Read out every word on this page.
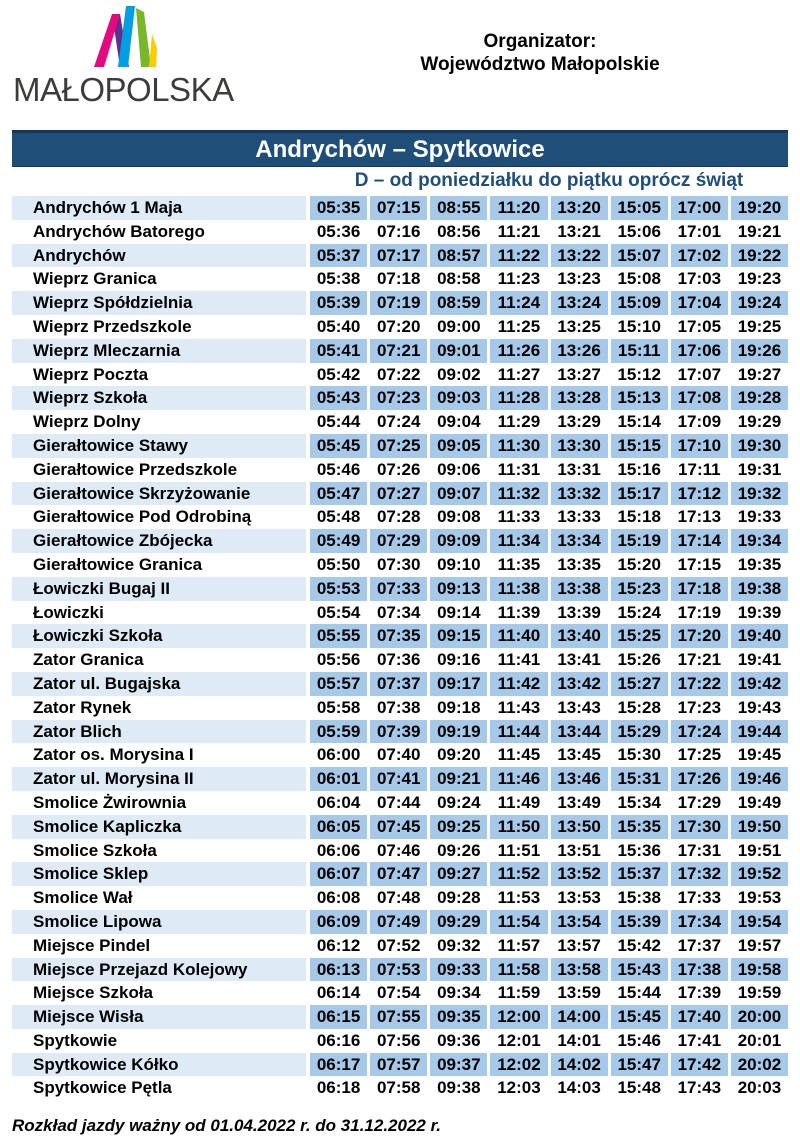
MAŁOPOLSKA
Organizator:
Województwo Małopolskie
Andrychów – Spytkowice
D – od poniedziałku do piątku oprócz świąt
Andrychów 1 Maja	05:35 07:15 08:55	11:20	13:20 15:05 17:00 19:20
Andrychów Batorego	05:36 07:16 08:56	11:21	13:21 15:06 17:01 19:21
Andrychów	05:37 07:17 08:57	11:22	13:22 15:07 17:02 19:22
Wieprz Granica	05:38 07:18 08:58	11:23	13:23 15:08 17:03 19:23
Wieprz Spółdzielnia	05:39 07:19 08:59	11:24	13:24 15:09 17:04 19:24
Wieprz Przedszkole	05:40 07:20 09:00	11:25	13:25 15:10 17:05 19:25
Wieprz Mleczarnia	05:41 07:21 09:01	11:26	13:26	15:11	17:06 19:26
Wieprz Poczta	05:42 07:22 09:02	11:27	13:27 15:12 17:07 19:27
Wieprz Szkoła	05:43 07:23 09:03	11:28	13:28 15:13 17:08 19:28
Wieprz Dolny	05:44 07:24 09:04	11:29	13:29 15:14 17:09 19:29
Gierałtowice Stawy	05:45 07:25 09:05	11:30	13:30 15:15 17:10 19:30
Gierałtowice Przedszkole	05:46 07:26 09:06	11:31	13:31 15:16	17:11	19:31
Gierałtowice Skrzyżowanie	05:47 07:27 09:07	11:32	13:32 15:17 17:12 19:32
Gierałtowice Pod Odrobiną	05:48 07:28 09:08	11:33	13:33 15:18 17:13 19:33
Gierałtowice Zbójecka	05:49 07:29 09:09	11:34	13:34 15:19 17:14 19:34
Gierałtowice Granica	05:50 07:30 09:10	11:35	13:35 15:20 17:15 19:35
Łowiczki Bugaj II	05:53 07:33 09:13	11:38	13:38 15:23 17:18 19:38
Łowiczki	05:54 07:34 09:14	11:39	13:39 15:24 17:19 19:39
Łowiczki Szkoła	05:55 07:35 09:15	11:40	13:40 15:25 17:20 19:40
Zator Granica	05:56 07:36 09:16	11:41	13:41 15:26 17:21 19:41
Zator ul. Bugajska	05:57 07:37 09:17	11:42	13:42 15:27 17:22 19:42
Zator Rynek	05:58 07:38 09:18	11:43	13:43 15:28 17:23 19:43
Zator Blich	05:59 07:39 09:19	11:44	13:44 15:29 17:24 19:44
Zator os. Morysina I	06:00 07:40 09:20	11:45	13:45 15:30 17:25 19:45
Zator ul. Morysina II	06:01 07:41 09:21	11:46	13:46 15:31 17:26 19:46
Smolice Żwirownia	06:04 07:44 09:24	11:49	13:49 15:34 17:29 19:49
Smolice Kapliczka	06:05 07:45 09:25	11:50	13:50 15:35 17:30 19:50
Smolice Szkoła	06:06 07:46 09:26	11:51	13:51 15:36 17:31 19:51
Smolice Sklep	06:07 07:47 09:27	11:52	13:52 15:37 17:32 19:52
Smolice Wał	06:08 07:48 09:28	11:53	13:53 15:38 17:33 19:53
Smolice Lipowa	06:09 07:49 09:29	11:54	13:54 15:39 17:34 19:54
Miejsce Pindel	06:12 07:52 09:32	11:57	13:57 15:42 17:37 19:57
Miejsce Przejazd Kolejowy	06:13 07:53 09:33	11:58	13:58 15:43 17:38 19:58
Miejsce Szkoła	06:14 07:54 09:34	11:59	13:59 15:44 17:39 19:59
Miejsce Wisła	06:15 07:55 09:35 12:00 14:00 15:45 17:40 20:00
Spytkowie	06:16 07:56 09:36 12:01 14:01 15:46 17:41 20:01
Spytkowice Kółko	06:17 07:57 09:37 12:02 14:02 15:47 17:42 20:02
Spytkowice Pętla	06:18 07:58 09:38 12:03 14:03 15:48 17:43 20:03
Rozkład jazdy ważny od 01.04.2022 r. do 31.12.2022 r.
